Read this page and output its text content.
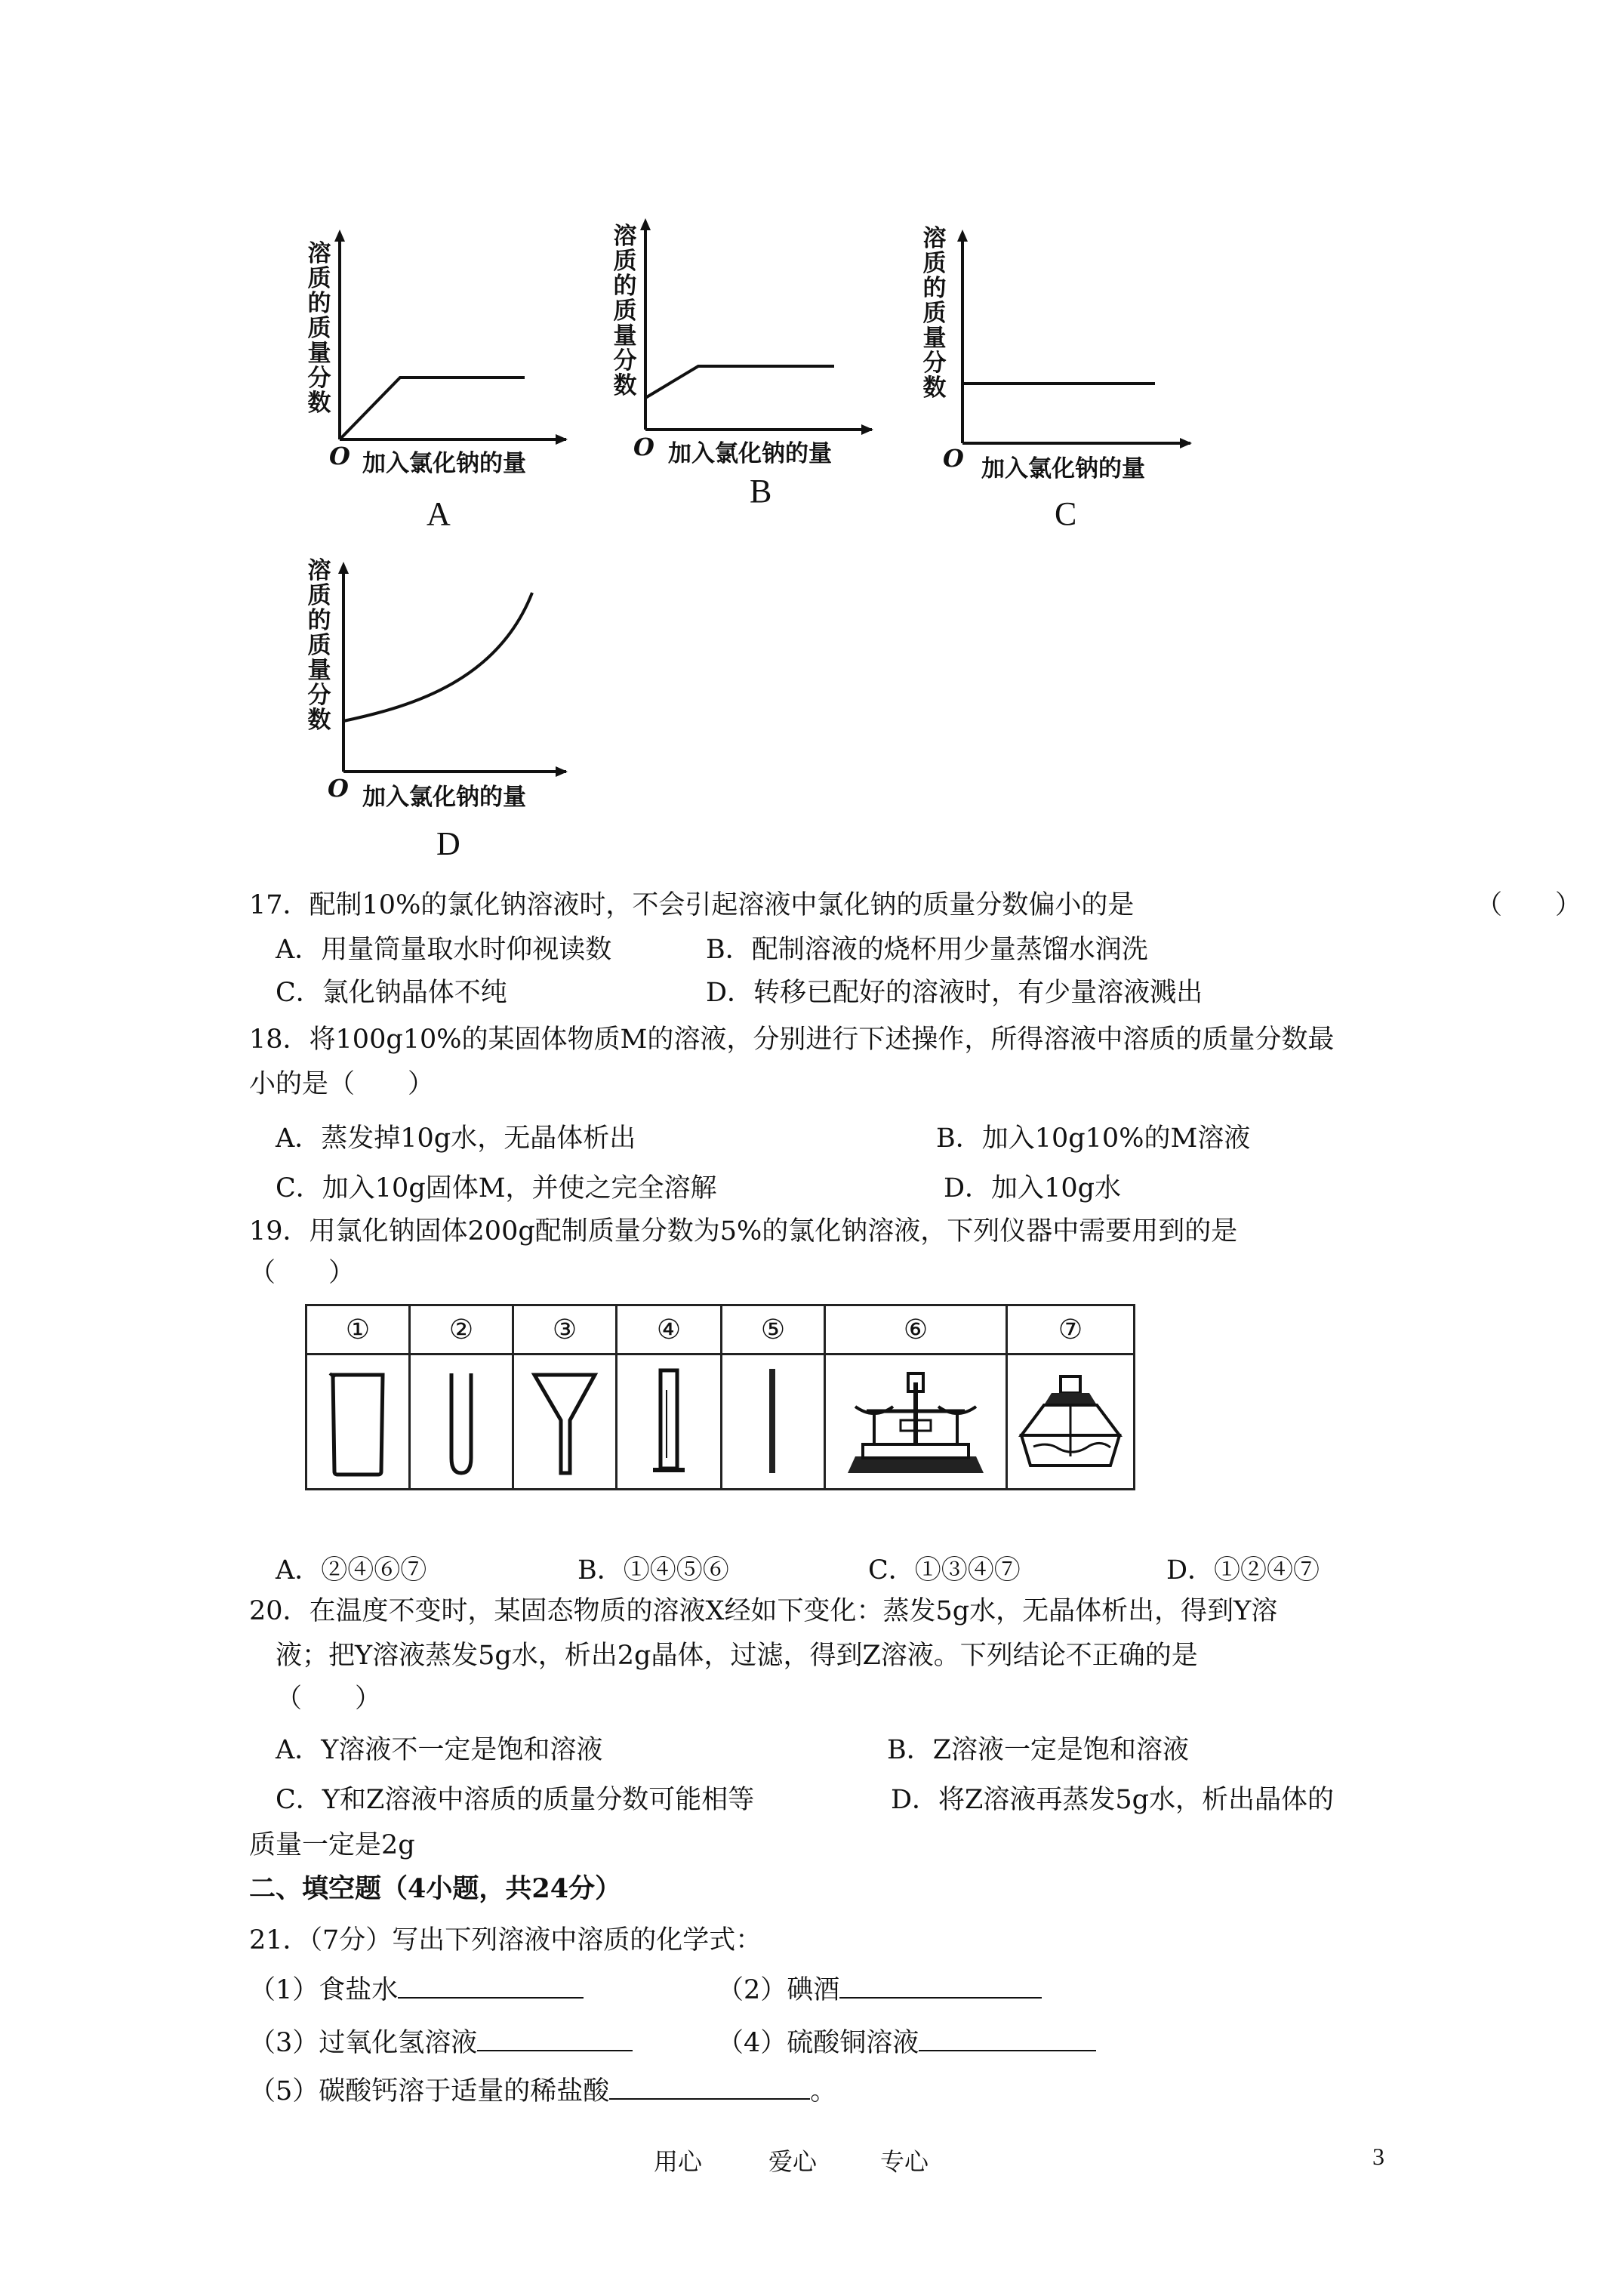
溶质的质量分数
O 加入氯化钠的量
A
溶质的质量分数
O 加入氯化钠的量
B
溶质的质量分数
O 加入氯化钠的量
C
溶质的质量分数
O 加入氯化钠的量
D
17．配制10%的氯化钠溶液时，不会引起溶液中氯化钠的质量分数偏小的是	（　　）
A．用量筒量取水时仰视读数	B．配制溶液的烧杯用少量蒸馏水润洗
C．氯化钠晶体不纯	D．转移已配好的溶液时，有少量溶液溅出
18．将100g10%的某固体物质M的溶液，分别进行下述操作，所得溶液中溶质的质量分数最
小的是（　　）
A．蒸发掉10g水，无晶体析出	B．加入10g10%的M溶液
C．加入10g固体M，并使之完全溶解	D．加入10g水
19．用氯化钠固体200g配制质量分数为5%的氯化钠溶液，下列仪器中需要用到的是
（　　）
①	②	③	④	⑤	⑥	⑦

A．②④⑥⑦	B．①④⑤⑥	C．①③④⑦	D．①②④⑦
20．在温度不变时，某固态物质的溶液X经如下变化：蒸发5g水，无晶体析出，得到Y溶
液；把Y溶液蒸发5g水，析出2g晶体，过滤，得到Z溶液。下列结论不正确的是
（　　）
A．Y溶液不一定是饱和溶液	B．Z溶液一定是饱和溶液
C．Y和Z溶液中溶质的质量分数可能相等	D．将Z溶液再蒸发5g水，析出晶体的
质量一定是2g
二、填空题（4小题，共24分）
21．（7分）写出下列溶液中溶质的化学式：
（1）食盐水	（2）碘酒
（3）过氧化氢溶液	（4）硫酸铜溶液
（5）碳酸钙溶于适量的稀盐酸	。
用心	爱心	专心	3
